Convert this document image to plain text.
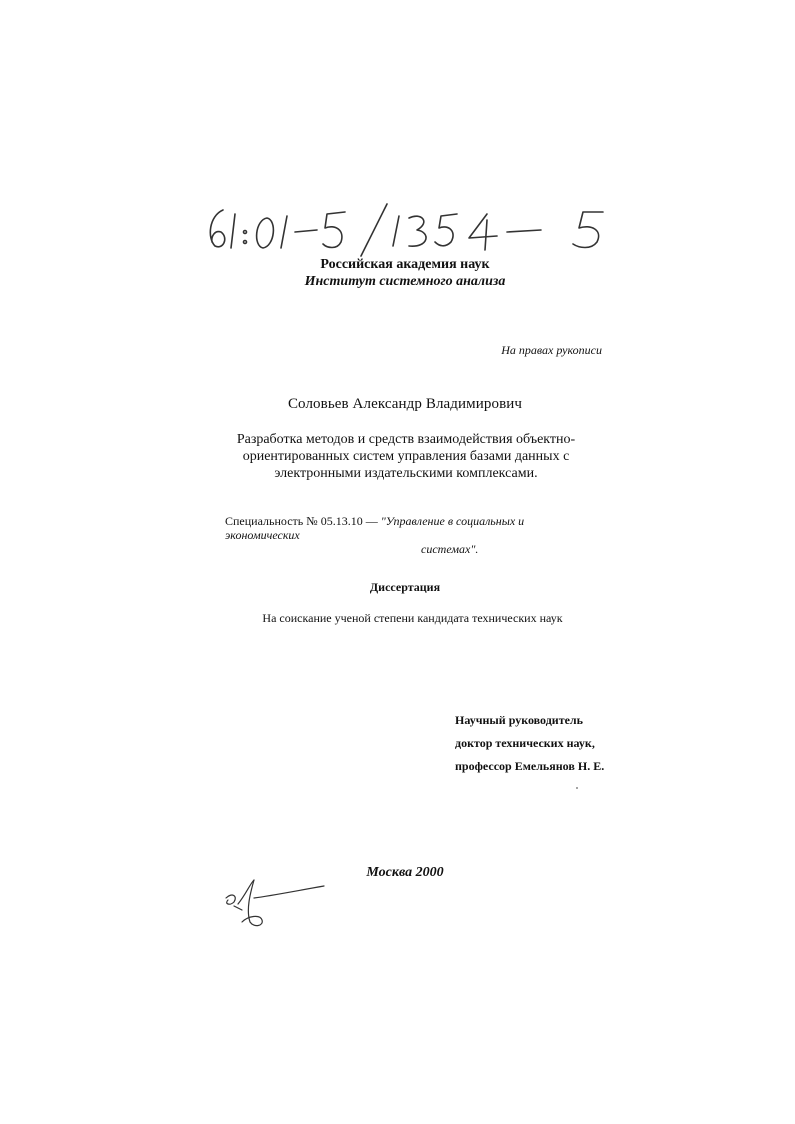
Российская академия наук
Институт системного анализа
На правах рукописи
Соловьев Александр Владимирович
Разработка методов и средств взаимодействия объектно-
ориентированных систем управления базами данных с
электронными издательскими комплексами.
Специальность № 05.13.10 — "Управление в социальных и экономических
системах".
Диссертация
На соискание ученой степени кандидата технических наук
Научный руководитель
доктор технических наук,
профессор Емельянов Н. Е.
Москва 2000
